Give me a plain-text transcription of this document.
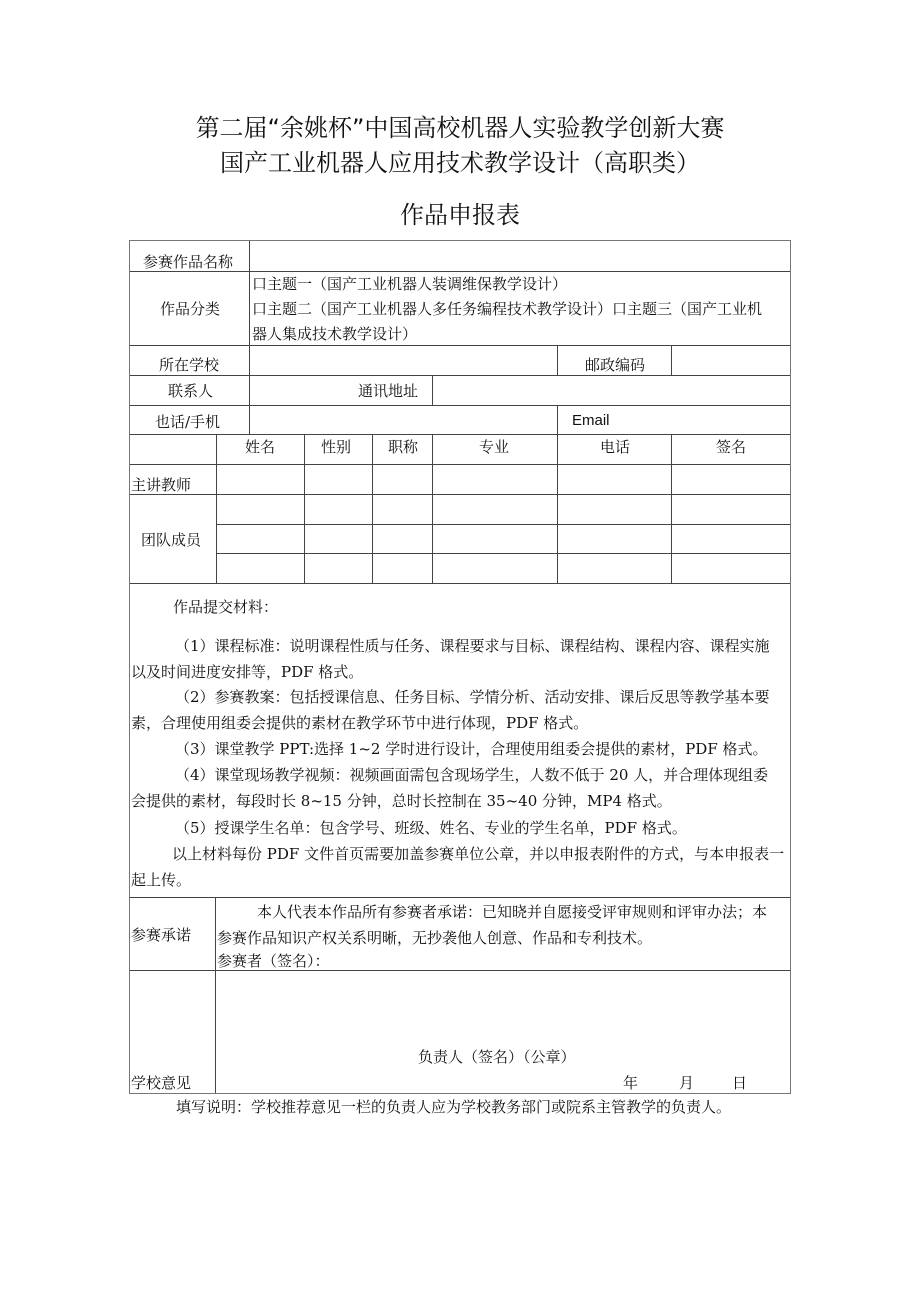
第二届“余姚杯”中国高校机器人实验教学创新大赛
国产工业机器人应用技术教学设计（高职类）
作品申报表
参赛作品名称
作品分类
口主题一（国产工业机器人装调维保教学设计）
口主题二（国产工业机器人多任务编程技术教学设计）口主题三（国产工业机
器人集成技术教学设计）
所在学校	邮政编码
联系人	通讯地址
也话/手机	Email
姓名	性别 职称	专业	电话	签名
主讲教师
团队成员
作品提交材料：
（1）课程标准：说明课程性质与任务、课程要求与目标、课程结构、课程内容、课程实施
以及时间进度安排等，PDF 格式。
（2）参赛教案：包括授课信息、任务目标、学情分析、活动安排、课后反思等教学基本要
素，合理使用组委会提供的素材在教学环节中进行体现，PDF 格式。
（3）课堂教学 PPT:选择 1~2 学时进行设计，合理使用组委会提供的素材，PDF 格式。
（4）课堂现场教学视频：视频画面需包含现场学生，人数不低于 20 人，并合理体现组委
会提供的素材，每段时长 8~15 分钟，总时长控制在 35~40 分钟，MP4 格式。
（5）授课学生名单：包含学号、班级、姓名、专业的学生名单，PDF 格式。
以上材料每份 PDF 文件首页需要加盖参赛单位公章，并以申报表附件的方式，与本申报表一
起上传。
参赛承诺
本人代表本作品所有参赛者承诺：已知晓并自愿接受评审规则和评审办法；本
参赛作品知识产权关系明晰，无抄袭他人创意、作品和专利技术。
参赛者（签名）：
学校意见
负责人（签名）（公章）
年	月	日
填写说明：学校推荐意见一栏的负责人应为学校教务部门或院系主管教学的负责人。
